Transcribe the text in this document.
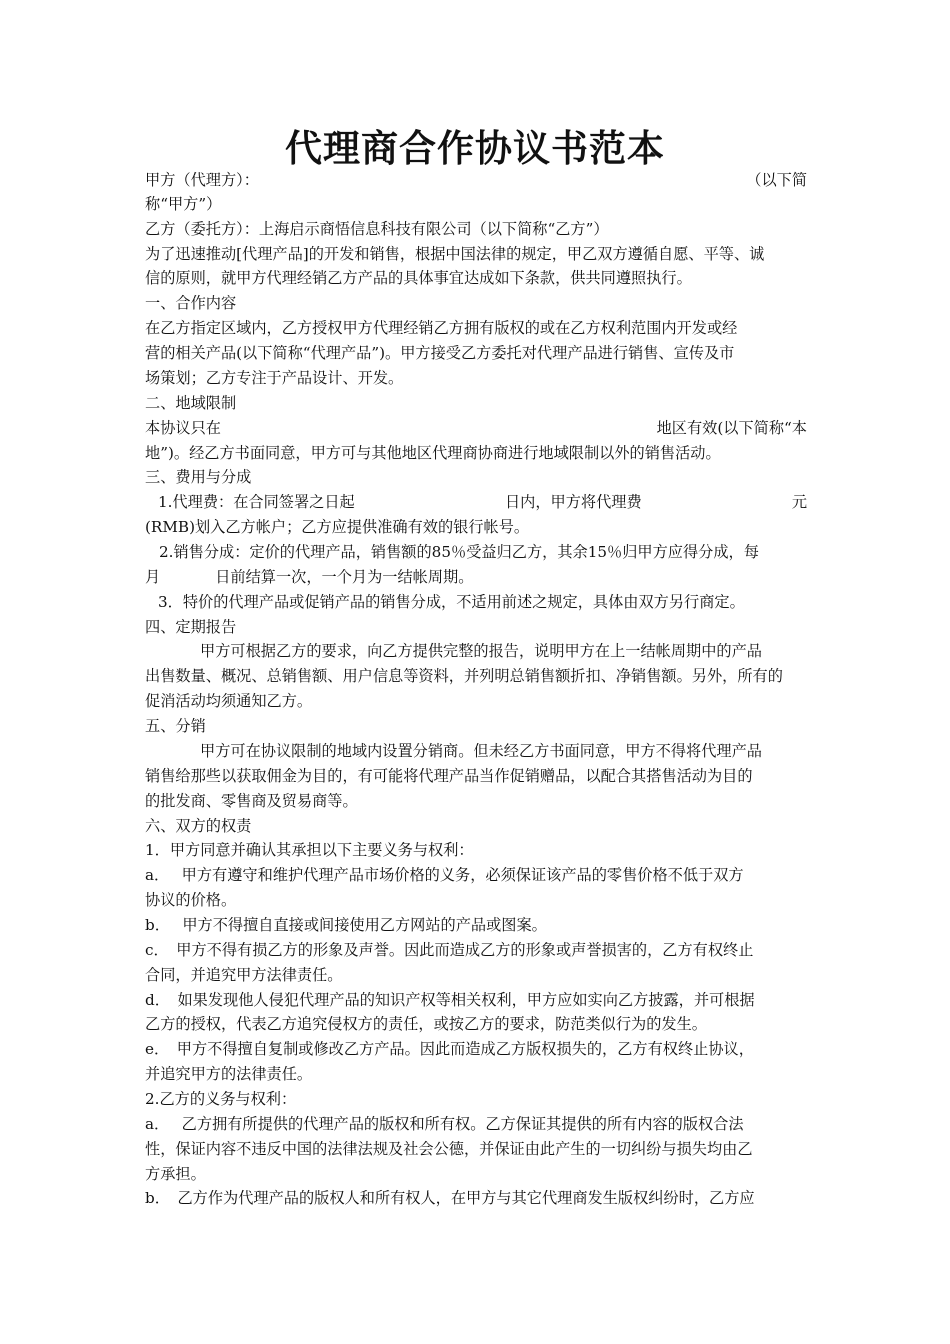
代理商合作协议书范本
甲方（代理方）：	（以下简
称“甲方”）
乙方（委托方）：上海启示商悟信息科技有限公司（以下简称“乙方”）
为了迅速推动[代理产品]的开发和销售，根据中国法律的规定，甲乙双方遵循自愿、平等、诚
信的原则，就甲方代理经销乙方产品的具体事宜达成如下条款，供共同遵照执行。
一、合作内容
在乙方指定区域内，乙方授权甲方代理经销乙方拥有版权的或在乙方权利范围内开发或经
营的相关产品(以下简称“代理产品”)。甲方接受乙方委托对代理产品进行销售、宣传及市
场策划；乙方专注于产品设计、开发。
二、地域限制
本协议只在	地区有效(以下简称“本
地”)。经乙方书面同意，甲方可与其他地区代理商协商进行地域限制以外的销售活动。
三、费用与分成
1.代理费：在合同签署之日起	日内，甲方将代理费	元
(RMB)划入乙方帐户；乙方应提供准确有效的银行帐号。
2.销售分成：定价的代理产品，销售额的85％受益归乙方，其余15％归甲方应得分成，每
月	日前结算一次，一个月为一结帐周期。
3．特价的代理产品或促销产品的销售分成，不适用前述之规定，具体由双方另行商定。
四、定期报告
甲方可根据乙方的要求，向乙方提供完整的报告，说明甲方在上一结帐周期中的产品
出售数量、概况、总销售额、用户信息等资料，并列明总销售额折扣、净销售额。另外，所有的
促消活动均须通知乙方。
五、分销
甲方可在协议限制的地域内设置分销商。但未经乙方书面同意，甲方不得将代理产品
销售给那些以获取佣金为目的，有可能将代理产品当作促销赠品，以配合其搭售活动为目的
的批发商、零售商及贸易商等。
六、双方的权责
1．甲方同意并确认其承担以下主要义务与权利：
a．　 甲方有遵守和维护代理产品市场价格的义务，必须保证该产品的零售价格不低于双方
协议的价格。
b．　 甲方不得擅自直接或间接使用乙方网站的产品或图案。
c．　甲方不得有损乙方的形象及声誉。因此而造成乙方的形象或声誉损害的，乙方有权终止
合同，并追究甲方法律责任。
d．　如果发现他人侵犯代理产品的知识产权等相关权利，甲方应如实向乙方披露，并可根据
乙方的授权，代表乙方追究侵权方的责任，或按乙方的要求，防范类似行为的发生。
e．　甲方不得擅自复制或修改乙方产品。因此而造成乙方版权损失的，乙方有权终止协议，
并追究甲方的法律责任。
2.乙方的义务与权利：
a．　 乙方拥有所提供的代理产品的版权和所有权。乙方保证其提供的所有内容的版权合法
性，保证内容不违反中国的法律法规及社会公德，并保证由此产生的一切纠纷与损失均由乙
方承担。
b．　乙方作为代理产品的版权人和所有权人，在甲方与其它代理商发生版权纠纷时，乙方应
